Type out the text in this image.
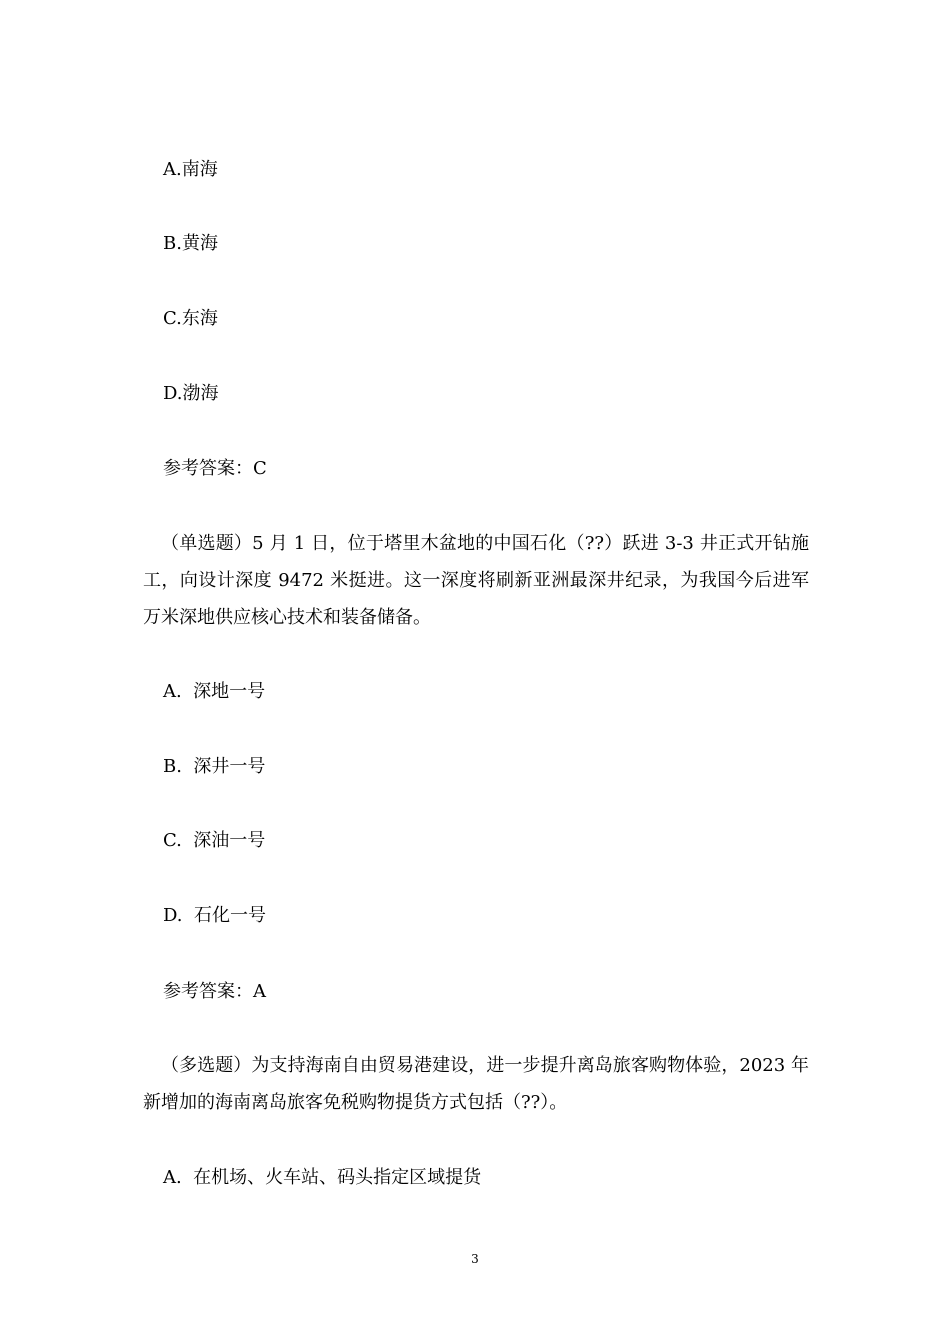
A.南海
B.黄海
C.东海
D.渤海
参考答案：C
（单选题）5 月 1 日，位于塔里木盆地的中国石化（??）跃进 3-3 井正式开钻施工，向设计深度 9472 米挺进。这一深度将刷新亚洲最深井纪录，为我国今后进军万米深地供应核心技术和装备储备。
A.  深地一号
B.  深井一号
C.  深油一号
D.  石化一号
参考答案：A
（多选题）为支持海南自由贸易港建设，进一步提升离岛旅客购物体验，2023 年新增加的海南离岛旅客免税购物提货方式包括（??）。
A.  在机场、火车站、码头指定区域提货
3
